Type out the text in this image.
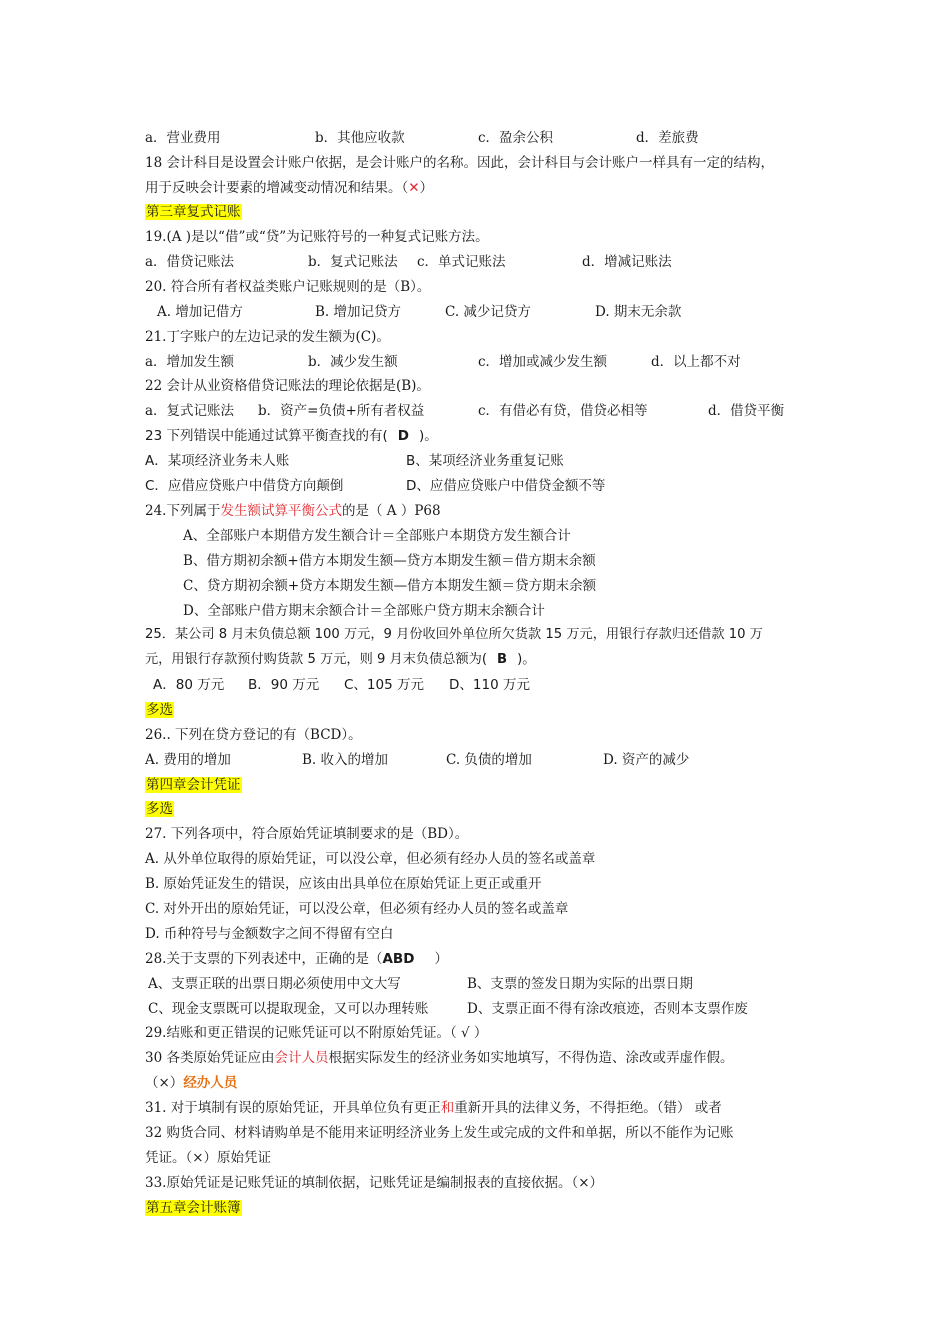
a．营业费用	b．其他应收款	c．盈余公积	d．差旅费
18 会计科目是设置会计账户依据，是会计账户的名称。因此，会计科目与会计账户一样具有一定的结构，
用于反映会计要素的增减变动情况和结果。（✕）
第三章复式记账
19.(A )是以“借”或“贷”为记账符号的一种复式记账方法。
a．借贷记账法	b．复式记账法 c．单式记账法	d．增减记账法
20. 符合所有者权益类账户记账规则的是（B）。
A. 增加记借方	B. 增加记贷方	C. 减少记贷方	D. 期末无余款
21.丁字账户的左边记录的发生额为(C)。
a．增加发生额	b．减少发生额	c．增加或减少发生额	d．以上都不对
22 会计从业资格借贷记账法的理论依据是(B)。
a．复式记账法 b．资产=负债+所有者权益	c．有借必有贷，借贷必相等	d．借贷平衡
23 下列错误中能通过试算平衡查找的有( D )。
A．某项经济业务未人账	B、某项经济业务重复记账
C．应借应贷账户中借贷方向颠倒	D、应借应贷账户中借贷金额不等
24.下列属于发生额试算平衡公式的是（ A ）P68
A、全部账户本期借方发生额合计＝全部账户本期贷方发生额合计
B、借方期初余额+借方本期发生额—贷方本期发生额＝借方期末余额
C、贷方期初余额+贷方本期发生额—借方本期发生额＝贷方期末余额
D、全部账户借方期末余额合计＝全部账户贷方期末余额合计
25．某公司 8 月末负债总额 100 万元，9 月份收回外单位所欠货款 15 万元，用银行存款归还借款 10 万
元，用银行存款预付购货款 5 万元，则 9 月末负债总额为( B )。
A．80 万元 B．90 万元 C、105 万元 D、110 万元
多选
26.. 下列在贷方登记的有（BCD）。
A. 费用的增加	B. 收入的增加	C. 负债的增加	D. 资产的减少
第四章会计凭证
多选
27. 下列各项中，符合原始凭证填制要求的是（BD）。
A. 从外单位取得的原始凭证，可以没公章，但必须有经办人员的签名或盖章
B. 原始凭证发生的错误，应该由出具单位在原始凭证上更正或重开
C. 对外开出的原始凭证，可以没公章，但必须有经办人员的签名或盖章
D. 币种符号与金额数字之间不得留有空白
28.关于支票的下列表述中，正确的是（ABD ）
A、支票正联的出票日期必须使用中文大写	B、支票的签发日期为实际的出票日期
C、现金支票既可以提取现金，又可以办理转账	D、支票正面不得有涂改痕迹，否则本支票作废
29.结账和更正错误的记账凭证可以不附原始凭证。（ √ ）
30 各类原始凭证应由会计人员根据实际发生的经济业务如实地填写，不得伪造、涂改或弄虚作假。
（×）经办人员
31. 对于填制有误的原始凭证，开具单位负有更正和重新开具的法律义务，不得拒绝。（错） 或者
32 购货合同、材料请购单是不能用来证明经济业务上发生或完成的文件和单据，所以不能作为记账
凭证。（×）原始凭证
33.原始凭证是记账凭证的填制依据，记账凭证是编制报表的直接依据。（×）
第五章会计账簿
